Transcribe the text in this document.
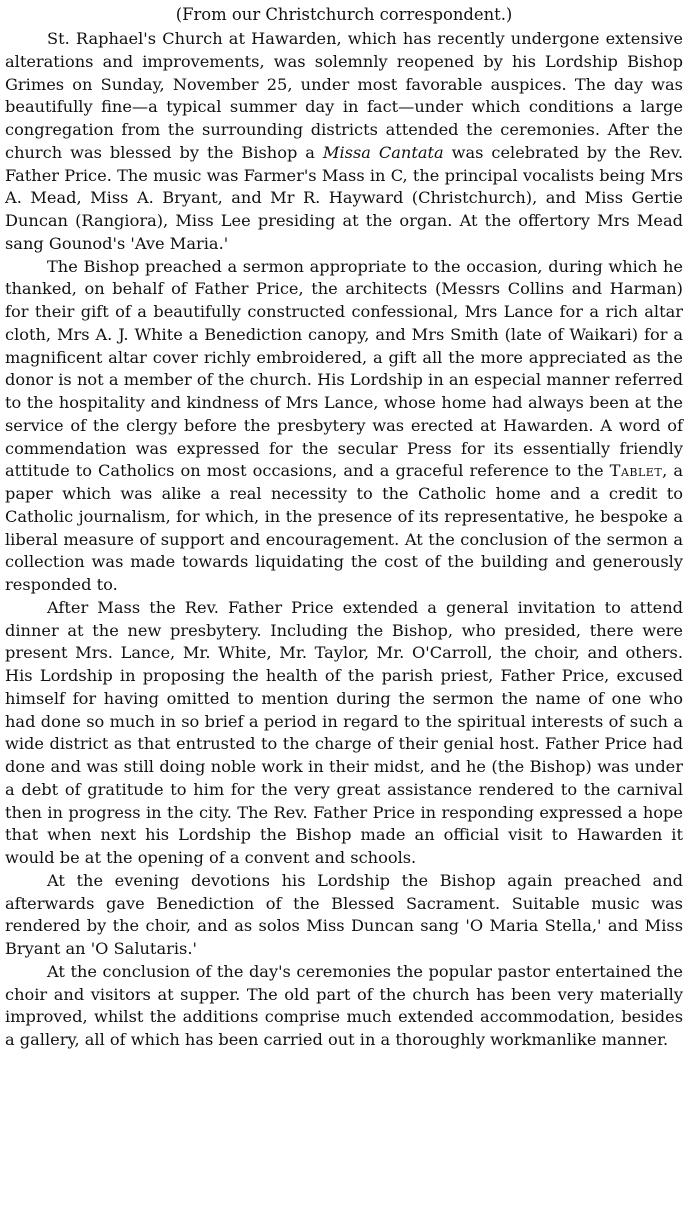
(From our Christchurch correspondent.)

St. Raphael's Church at Hawarden, which has recently undergone extensive alterations and improvements, was solemnly reopened by his Lordship Bishop Grimes on Sunday, November 25, under most favorable auspices. The day was beautifully fine—a typical summer day in fact—under which conditions a large congregation from the surrounding districts attended the ceremonies. After the church was blessed by the Bishop a Missa Cantata was celebrated by the Rev. Father Price. The music was Farmer's Mass in C, the principal vocalists being Mrs A. Mead, Miss A. Bryant, and Mr R. Hayward (Christchurch), and Miss Gertie Duncan (Rangiora), Miss Lee presiding at the organ. At the offertory Mrs Mead sang Gounod's 'Ave Maria.'

The Bishop preached a sermon appropriate to the occasion, during which he thanked, on behalf of Father Price, the architects (Messrs Collins and Harman) for their gift of a beautifully constructed confessional, Mrs Lance for a rich altar cloth, Mrs A. J. White a Benediction canopy, and Mrs Smith (late of Waikari) for a magnificent altar cover richly embroidered, a gift all the more appreciated as the donor is not a member of the church. His Lordship in an especial manner referred to the hospitality and kindness of Mrs Lance, whose home had always been at the service of the clergy before the presbytery was erected at Hawarden. A word of commendation was expressed for the secular Press for its essentially friendly attitude to Catholics on most occasions, and a graceful reference to the Tablet, a paper which was alike a real necessity to the Catholic home and a credit to Catholic journalism, for which, in the presence of its representative, he bespoke a liberal measure of support and encouragement. At the conclusion of the sermon a collection was made towards liquidating the cost of the building and generously responded to.

After Mass the Rev. Father Price extended a general invitation to attend dinner at the new presbytery. Including the Bishop, who presided, there were present Mrs. Lance, Mr. White, Mr. Taylor, Mr. O'Carroll, the choir, and others. His Lordship in proposing the health of the parish priest, Father Price, excused himself for having omitted to mention during the sermon the name of one who had done so much in so brief a period in regard to the spiritual interests of such a wide district as that entrusted to the charge of their genial host. Father Price had done and was still doing noble work in their midst, and he (the Bishop) was under a debt of gratitude to him for the very great assistance rendered to the carnival then in progress in the city. The Rev. Father Price in responding expressed a hope that when next his Lordship the Bishop made an official visit to Hawarden it would be at the opening of a convent and schools.

At the evening devotions his Lordship the Bishop again preached and afterwards gave Benediction of the Blessed Sacrament. Suitable music was rendered by the choir, and as solos Miss Duncan sang 'O Maria Stella,' and Miss Bryant an 'O Salutaris.'

At the conclusion of the day's ceremonies the popular pastor entertained the choir and visitors at supper. The old part of the church has been very materially improved, whilst the additions comprise much extended accommodation, besides a gallery, all of which has been carried out in a thoroughly workmanlike manner.
